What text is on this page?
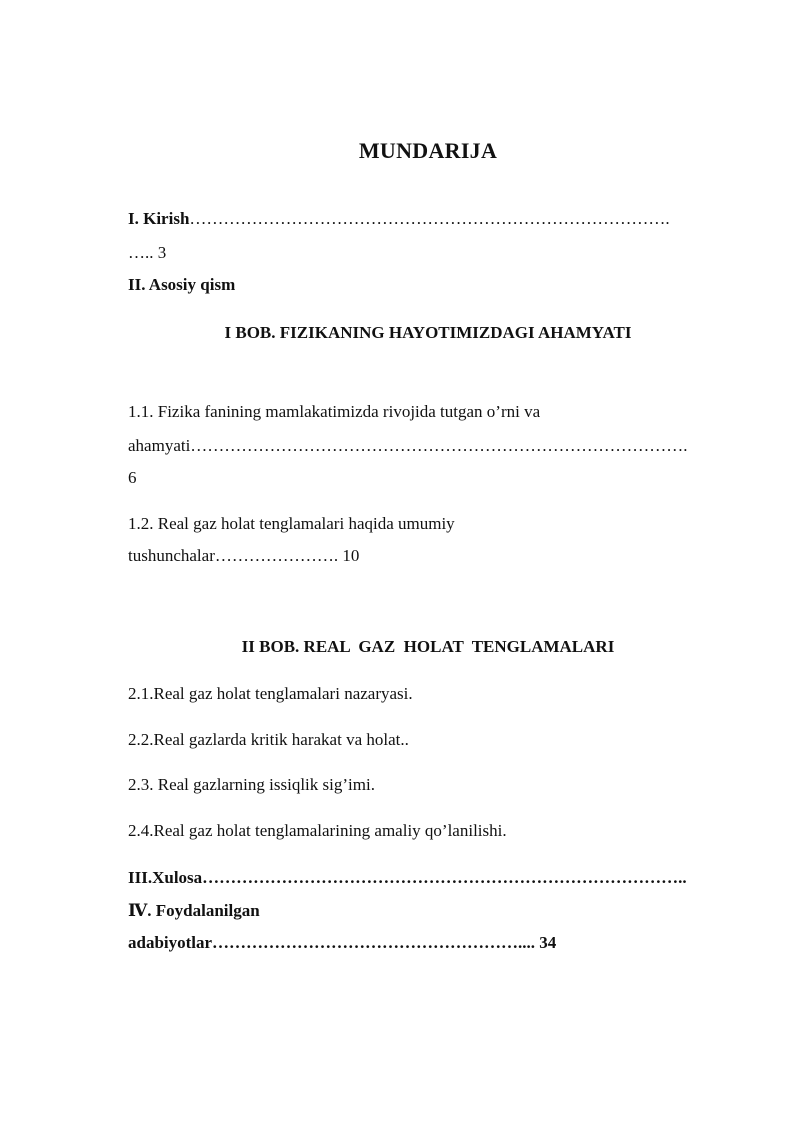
MUNDARIJA
I. Kirish………………………………………………………………………….
….. 3
II. Asosiy qism
I BOB. FIZIKANING HAYOTIMIZDAGI AHAMYATI
1.1. Fizika fanining mamlakatimizda rivojida tutgan o’rni va
ahamyati…………………………………………………………………………….
6
1.2. Real gaz holat tenglamalari haqida umumiy
tushunchalar…………………. 10
II BOB. REAL  GAZ  HOLAT  TENGLAMALARI
2.1.Real gaz holat tenglamalari nazaryasi.
2.2.Real gazlarda kritik harakat va holat..
2.3. Real gazlarning issiqlik sig’imi.
2.4.Real gaz holat tenglamalarining amaliy qo’lanilishi.
III.Xulosa…………………………………………………………………………..
Ⅳ. Foydalanilgan
adabiyotlar……………………………………………….... 34
